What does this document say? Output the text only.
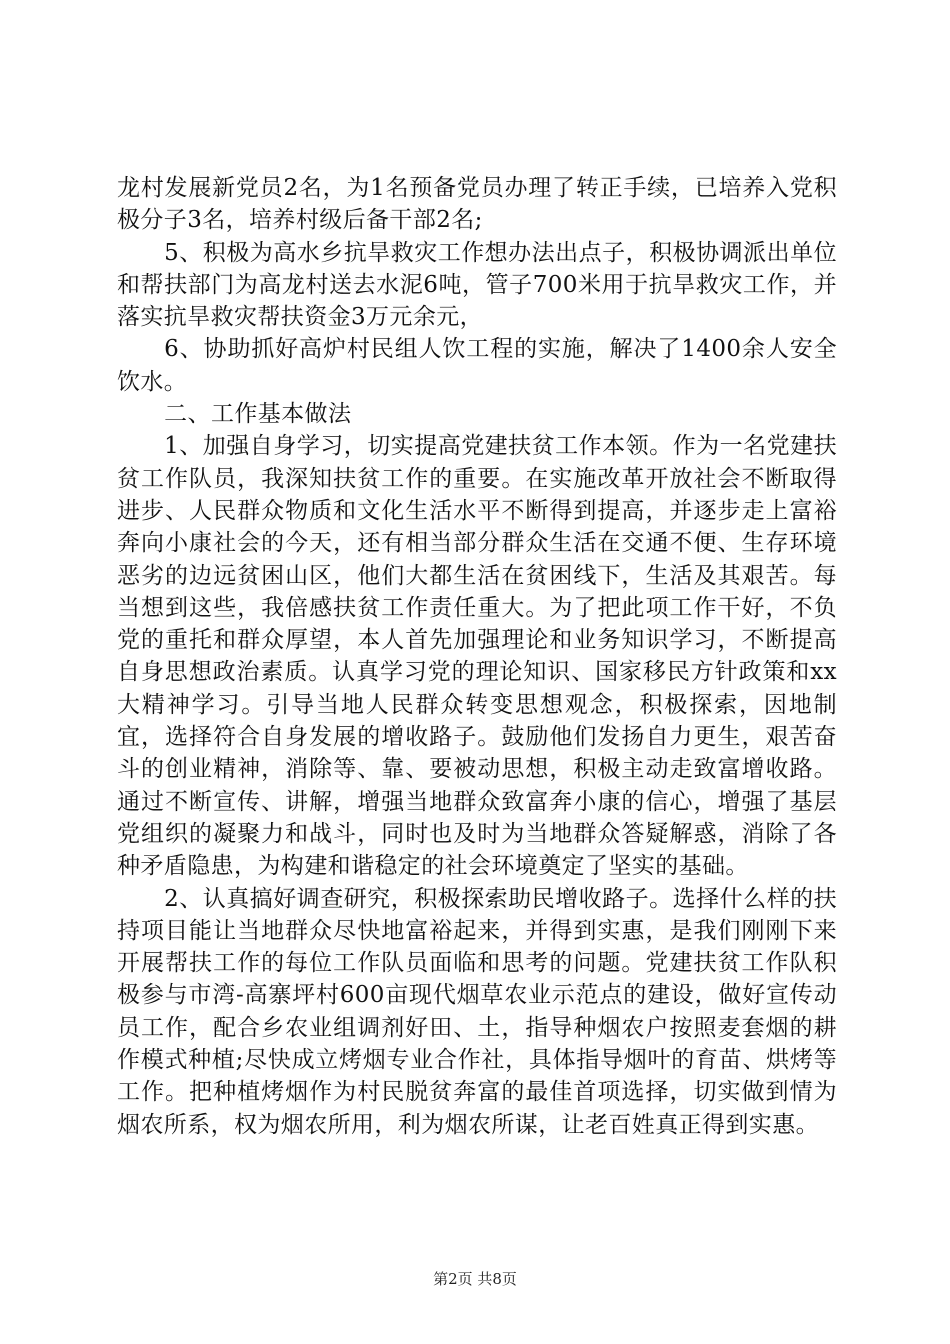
龙村发展新党员2名，为1名预备党员办理了转正手续，已培养入党积极分子3名，培养村级后备干部2名;

5、积极为高水乡抗旱救灾工作想办法出点子，积极协调派出单位和帮扶部门为高龙村送去水泥6吨，管子700米用于抗旱救灾工作，并落实抗旱救灾帮扶资金3万元余元，

6、协助抓好高炉村民组人饮工程的实施，解决了1400余人安全饮水。

二、工作基本做法

1、加强自身学习，切实提高党建扶贫工作本领。作为一名党建扶贫工作队员，我深知扶贫工作的重要。在实施改革开放社会不断取得进步、人民群众物质和文化生活水平不断得到提高，并逐步走上富裕奔向小康社会的今天，还有相当部分群众生活在交通不便、生存环境恶劣的边远贫困山区，他们大都生活在贫困线下，生活及其艰苦。每当想到这些，我倍感扶贫工作责任重大。为了把此项工作干好，不负党的重托和群众厚望，本人首先加强理论和业务知识学习，不断提高自身思想政治素质。认真学习党的理论知识、国家移民方针政策和xx大精神学习。引导当地人民群众转变思想观念，积极探索，因地制宜，选择符合自身发展的增收路子。鼓励他们发扬自力更生，艰苦奋斗的创业精神，消除等、靠、要被动思想，积极主动走致富增收路。通过不断宣传、讲解，增强当地群众致富奔小康的信心，增强了基层党组织的凝聚力和战斗，同时也及时为当地群众答疑解惑，消除了各种矛盾隐患，为构建和谐稳定的社会环境奠定了坚实的基础。

2、认真搞好调查研究，积极探索助民增收路子。选择什么样的扶持项目能让当地群众尽快地富裕起来，并得到实惠，是我们刚刚下来开展帮扶工作的每位工作队员面临和思考的问题。党建扶贫工作队积极参与市湾-高寨坪村600亩现代烟草农业示范点的建设，做好宣传动员工作，配合乡农业组调剂好田、土，指导种烟农户按照麦套烟的耕作模式种植;尽快成立烤烟专业合作社，具体指导烟叶的育苗、烘烤等工作。把种植烤烟作为村民脱贫奔富的最佳首项选择，切实做到情为烟农所系，权为烟农所用，利为烟农所谋，让老百姓真正得到实惠。

第2页 共8页
